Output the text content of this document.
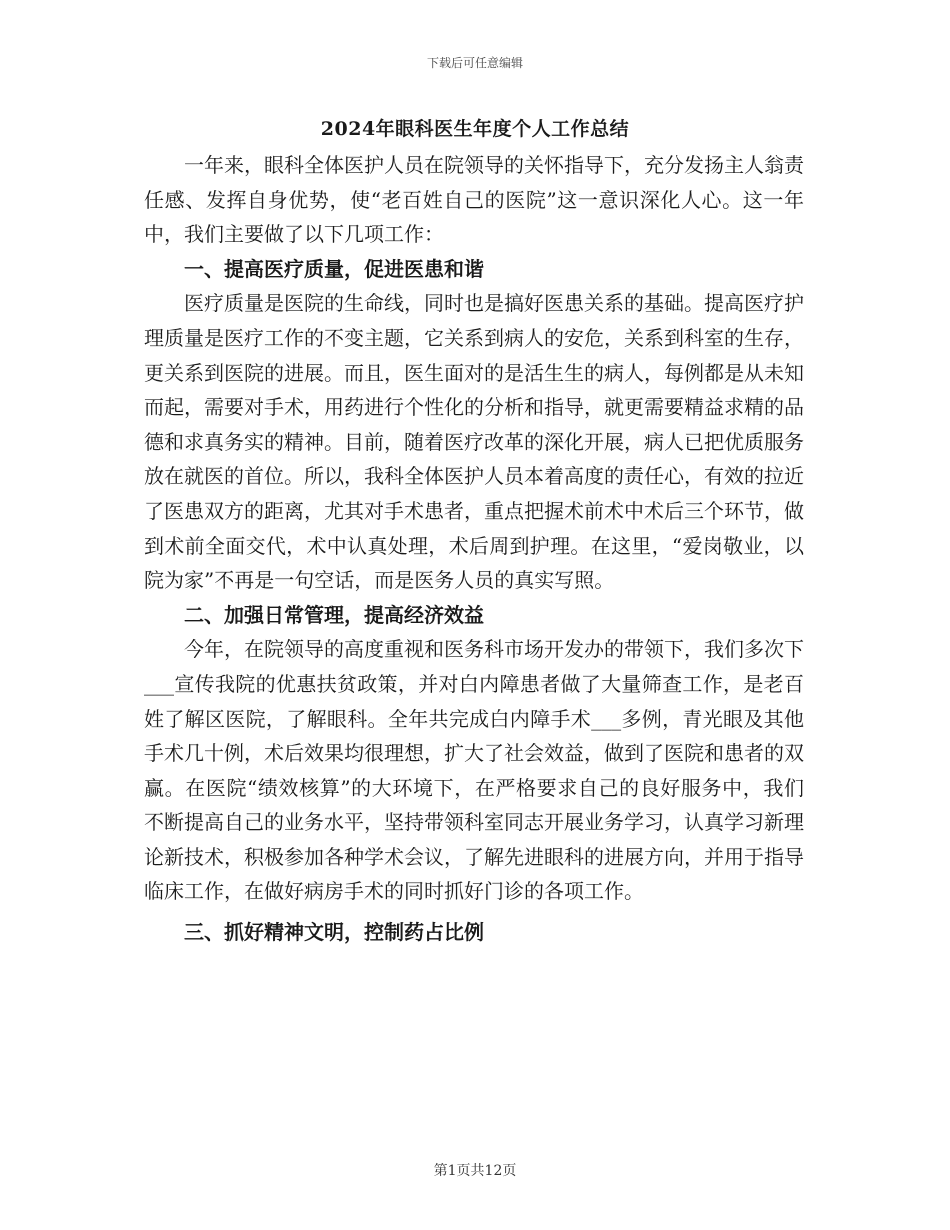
下载后可任意编辑
2024年眼科医生年度个人工作总结

一年来，眼科全体医护人员在院领导的关怀指导下，充分发扬主人翁责任感、发挥自身优势，使“老百姓自己的医院”这一意识深化人心。这一年中，我们主要做了以下几项工作：

一、提高医疗质量，促进医患和谐

医疗质量是医院的生命线，同时也是搞好医患关系的基础。提高医疗护理质量是医疗工作的不变主题，它关系到病人的安危，关系到科室的生存，更关系到医院的进展。而且，医生面对的是活生生的病人，每例都是从未知而起，需要对手术，用药进行个性化的分析和指导，就更需要精益求精的品德和求真务实的精神。目前，随着医疗改革的深化开展，病人已把优质服务放在就医的首位。所以，我科全体医护人员本着高度的责任心，有效的拉近了医患双方的距离，尤其对手术患者，重点把握术前术中术后三个环节，做到术前全面交代，术中认真处理，术后周到护理。在这里，“爱岗敬业，以院为家”不再是一句空话，而是医务人员的真实写照。

二、加强日常管理，提高经济效益

今年，在院领导的高度重视和医务科市场开发办的带领下，我们多次下___宣传我院的优惠扶贫政策，并对白内障患者做了大量筛查工作，是老百姓了解区医院，了解眼科。全年共完成白内障手术___多例，青光眼及其他手术几十例，术后效果均很理想，扩大了社会效益，做到了医院和患者的双赢。在医院“绩效核算”的大环境下，在严格要求自己的良好服务中，我们不断提高自己的业务水平，坚持带领科室同志开展业务学习，认真学习新理论新技术，积极参加各种学术会议，了解先进眼科的进展方向，并用于指导临床工作，在做好病房手术的同时抓好门诊的各项工作。

三、抓好精神文明，控制药占比例
第1页共12页
